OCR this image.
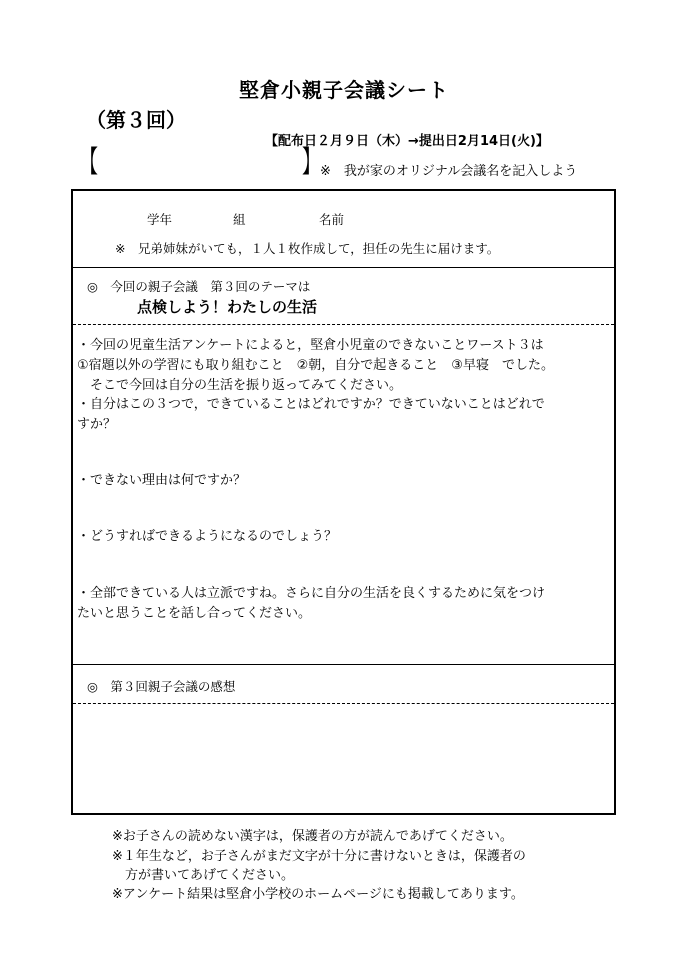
堅倉小親子会議シート
（第３回）
【配布日２月９日（木）→提出日2月14日(火)】
【	】 ※　我が家のオリジナル会議名を記入しよう
学年	組	名前
※　兄弟姉妹がいても，１人１枚作成して，担任の先生に届けます。
◎　今回の親子会議　第３回のテーマは
点検しよう！わたしの生活
・今回の児童生活アンケートによると，堅倉小児童のできないことワースト３は
①宿題以外の学習にも取り組むこと　②朝，自分で起きること　③早寝　でした。
　そこで今回は自分の生活を振り返ってみてください。
・自分はこの３つで，できていることはどれですか？できていないことはどれで
すか？
・できない理由は何ですか？
・どうすればできるようになるのでしょう？
・全部できている人は立派ですね。さらに自分の生活を良くするために気をつけ
たいと思うことを話し合ってください。
◎　第３回親子会議の感想
※お子さんの読めない漢字は，保護者の方が読んであげてください。
※１年生など，お子さんがまだ文字が十分に書けないときは，保護者の
　方が書いてあげてください。
※アンケート結果は堅倉小学校のホームページにも掲載してあります。
